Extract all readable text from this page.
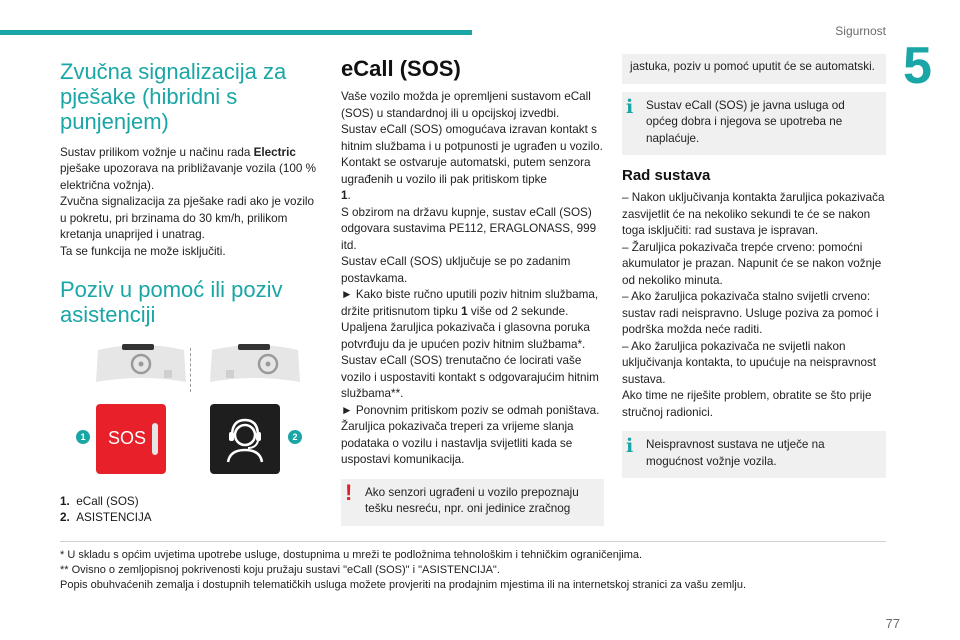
Sigurnost
5
Zvučna signalizacija za pješake (hibridni s punjenjem)

Sustav prilikom vožnje u načinu rada Electric pješake upozorava na približavanje vozila (100 % električna vožnja).

Zvučna signalizacija za pješake radi ako je vozilo u pokretu, pri brzinama do 30 km/h, prilikom kretanja unaprijed i unatrag.

Ta se funkcija ne može isključiti.

Poziv u pomoć ili poziv asistenciji
1 SOS	2
1. eCall (SOS)
2. ASISTENCIJA
eCall (SOS)

Vaše vozilo možda je opremljeni sustavom eCall (SOS) u standardnoj ili u opcijskoj izvedbi.

Sustav eCall (SOS) omogućava izravan kontakt s hitnim službama i u potpunosti je ugrađen u vozilo. Kontakt se ostvaruje automatski, putem senzora ugrađenih u vozilo ili pak pritiskom tipke
1.

S obzirom na državu kupnje, sustav eCall (SOS) odgovara sustavima PE112, ERAGLONASS, 999 itd.

Sustav eCall (SOS) uključuje se po zadanim postavkama.

► Kako biste ručno uputili poziv hitnim službama, držite pritisnutom tipku 1 više od 2 sekunde.

Upaljena žaruljica pokazivača i glasovna poruka potvrđuju da je upućen poziv hitnim službama*.

Sustav eCall (SOS) trenutačno će locirati vaše vozilo i uspostaviti kontakt s odgovarajućim hitnim službama**.

► Ponovnim pritiskom poziv se odmah poništava.

Žaruljica pokazivača treperi za vrijeme slanja podataka o vozilu i nastavlja svijetliti kada se uspostavi komunikacija.

! Ako senzori ugrađeni u vozilo prepoznaju tešku nesreću, npr. oni jedinice zračnog
jastuka, poziv u pomoć uputit će se automatski.
i Sustav eCall (SOS) je javna usluga od općeg dobra i njegova se upotreba ne naplaćuje.
Rad sustava

– Nakon uključivanja kontakta žaruljica pokazivača zasvijetlit će na nekoliko sekundi te će se nakon toga isključiti: rad sustava je ispravan.

– Žaruljica pokazivača trepće crveno: pomoćni akumulator je prazan. Napunit će se nakon vožnje od nekoliko minuta.

– Ako žaruljica pokazivača stalno svijetli crveno: sustav radi neispravno. Usluge poziva za pomoć i podrška možda neće raditi.

– Ako žaruljica pokazivača ne svijetli nakon uključivanja kontakta, to upućuje na neispravnost sustava.

Ako time ne riješite problem, obratite se što prije stručnoj radionici.

i Neispravnost sustava ne utječe na mogućnost vožnje vozila.
* U skladu s općim uvjetima upotrebe usluge, dostupnima u mreži te podložnima tehnološkim i tehničkim ograničenjima.
** Ovisno o zemljopisnoj pokrivenosti koju pružaju sustavi "eCall (SOS)" i "ASISTENCIJA".
Popis obuhvaćenih zemalja i dostupnih telematičkih usluga možete provjeriti na prodajnim mjestima ili na internetskoj stranici za vašu zemlju.
77
